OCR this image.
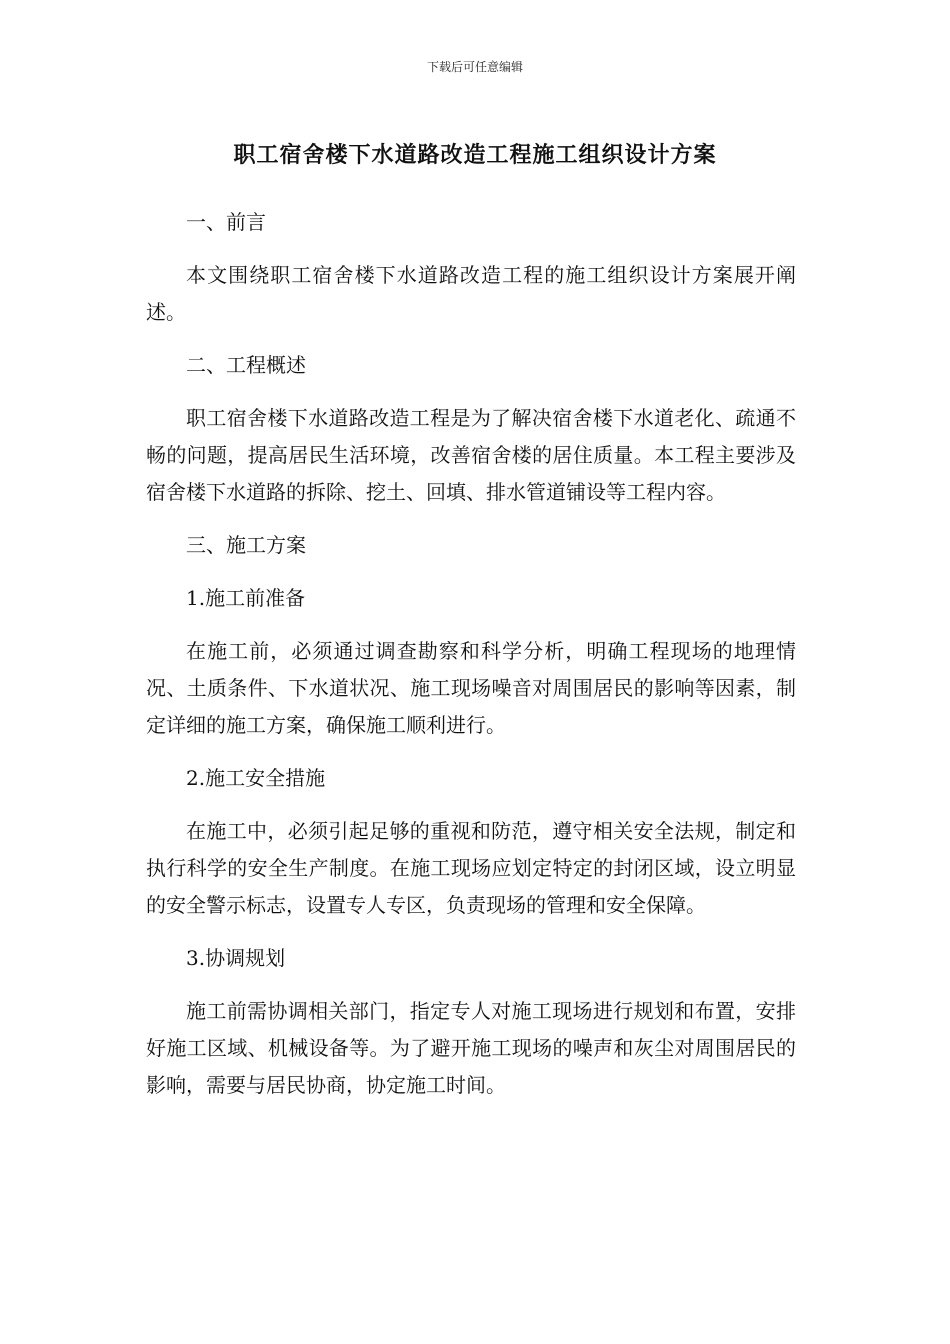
下载后可任意编辑
职工宿舍楼下水道路改造工程施工组织设计方案

一、前言

本文围绕职工宿舍楼下水道路改造工程的施工组织设计方案展开阐述。

二、工程概述

职工宿舍楼下水道路改造工程是为了解决宿舍楼下水道老化、疏通不畅的问题，提高居民生活环境，改善宿舍楼的居住质量。本工程主要涉及宿舍楼下水道路的拆除、挖土、回填、排水管道铺设等工程内容。

三、施工方案

1.施工前准备

在施工前，必须通过调查勘察和科学分析，明确工程现场的地理情况、土质条件、下水道状况、施工现场噪音对周围居民的影响等因素，制定详细的施工方案，确保施工顺利进行。

2.施工安全措施

在施工中，必须引起足够的重视和防范，遵守相关安全法规，制定和执行科学的安全生产制度。在施工现场应划定特定的封闭区域，设立明显的安全警示标志，设置专人专区，负责现场的管理和安全保障。

3.协调规划

施工前需协调相关部门，指定专人对施工现场进行规划和布置，安排好施工区域、机械设备等。为了避开施工现场的噪声和灰尘对周围居民的影响，需要与居民协商，协定施工时间。
